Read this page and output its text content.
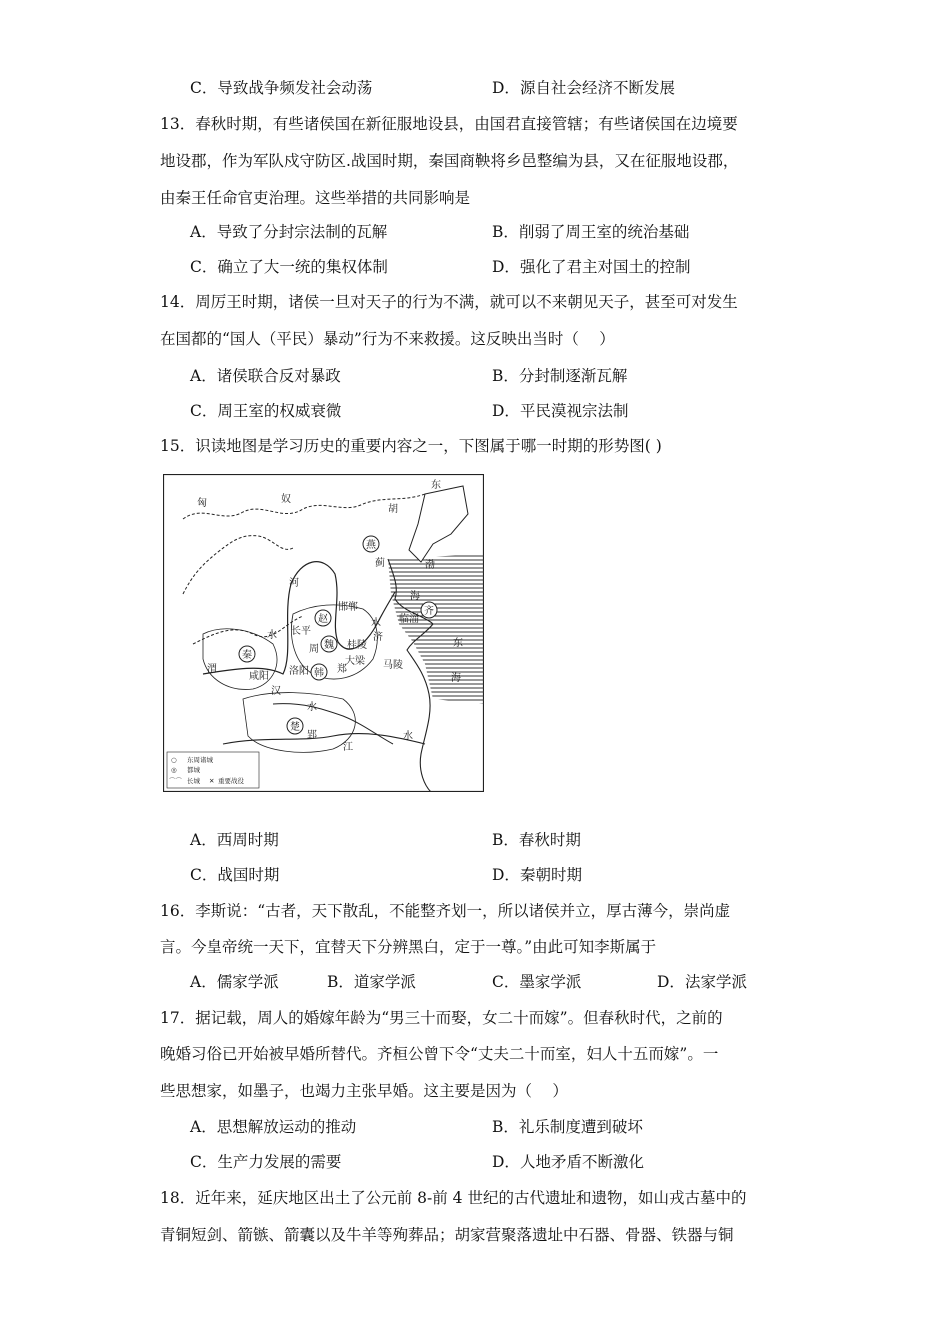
C．导致战争频发社会动荡	D．源自社会经济不断发展
13．春秋时期，有些诸侯国在新征服地设县，由国君直接管辖；有些诸侯国在边境要
地设郡，作为军队戍守防区.战国时期，秦国商鞅将乡邑整编为县，又在征服地设郡，
由秦王任命官吏治理。这些举措的共同影响是
A．导致了分封宗法制的瓦解	B．削弱了周王室的统治基础
C．确立了大一统的集权体制	D．强化了君主对国土的控制
14．周厉王时期，诸侯一旦对天子的行为不满，就可以不来朝见天子，甚至可对发生
在国都的“国人（平民）暴动”行为不来救援。这反映出当时（　 ）
A．诸侯联合反对暴政	B．分封制逐渐瓦解
C．周王室的权威衰微	D．平民漠视宗法制
15．识读地图是学习历史的重要内容之一，下图属于哪一时期的形势图( )
匈	奴
东
胡
燕
蓟	渤
海
齐
临淄
赵
邯郸
魏
韩
秦
楚
郢
周
洛阳
咸阳
郑
大梁
桂陵
马陵
长平
东
海
河
水
渭
汉
水
江
水
济
水
○ 东周诸城
◎ 都城
⌒⌒ 长城 ✕ 重要战役
A．西周时期	B．春秋时期
C．战国时期	D．秦朝时期
16．李斯说：“古者，天下散乱，不能整齐划一，所以诸侯并立，厚古薄今，崇尚虚
言。今皇帝统一天下，宜替天下分辨黑白，定于一尊。”由此可知李斯属于
A．儒家学派	B．道家学派	C．墨家学派	D．法家学派
17．据记载，周人的婚嫁年龄为“男三十而娶，女二十而嫁”。但春秋时代，之前的
晚婚习俗已开始被早婚所替代。齐桓公曾下令“丈夫二十而室，妇人十五而嫁”。一
些思想家，如墨子，也竭力主张早婚。这主要是因为（　 ）
A．思想解放运动的推动	B．礼乐制度遭到破坏
C．生产力发展的需要	D．人地矛盾不断激化
18．近年来，延庆地区出土了公元前 8-前 4 世纪的古代遗址和遗物，如山戎古墓中的
青铜短剑、箭镞、箭囊以及牛羊等殉葬品；胡家营聚落遗址中石器、骨器、铁器与铜
